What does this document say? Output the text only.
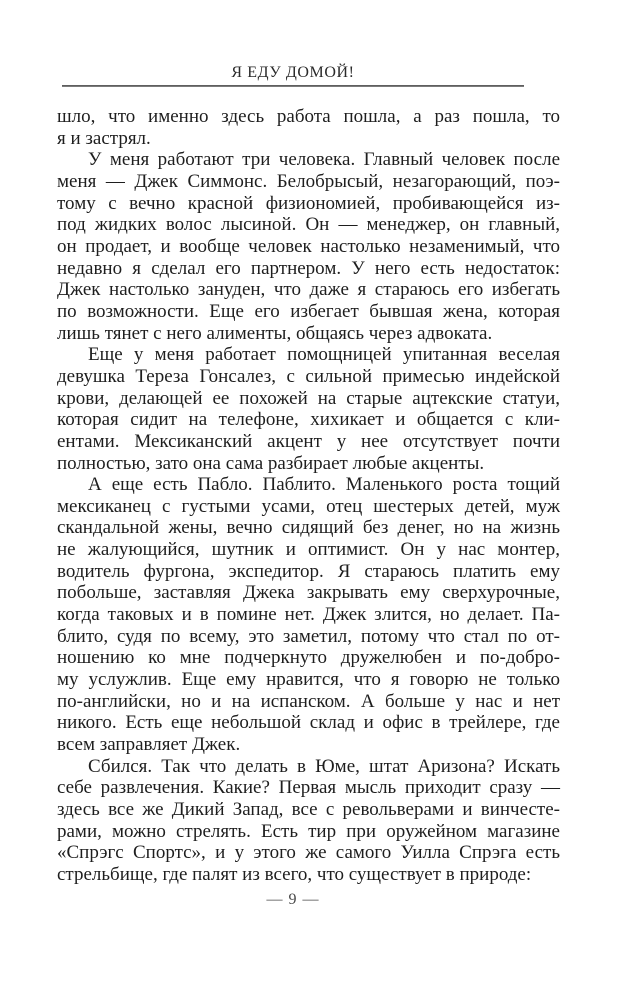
Я ЕДУ ДОМОЙ!
шло, что именно здесь работа пошла, а раз пошла, то
я и застрял.
У меня работают три человека. Главный человек после
меня — Джек Симмонс. Белобрысый, незагорающий, поэ-
тому с вечно красной физиономией, пробивающейся из-
под жидких волос лысиной. Он — менеджер, он главный,
он продает, и вообще человек настолько незаменимый, что
недавно я сделал его партнером. У него есть недостаток:
Джек настолько зануден, что даже я стараюсь его избегать
по возможности. Еще его избегает бывшая жена, которая
лишь тянет с него алименты, общаясь через адвоката.
Еще у меня работает помощницей упитанная веселая
девушка Тереза Гонсалез, с сильной примесью индейской
крови, делающей ее похожей на старые ацтекские статуи,
которая сидит на телефоне, хихикает и общается с кли-
ентами. Мексиканский акцент у нее отсутствует почти
полностью, зато она сама разбирает любые акценты.
А еще есть Пабло. Паблито. Маленького роста тощий
мексиканец с густыми усами, отец шестерых детей, муж
скандальной жены, вечно сидящий без денег, но на жизнь
не жалующийся, шутник и оптимист. Он у нас монтер,
водитель фургона, экспедитор. Я стараюсь платить ему
побольше, заставляя Джека закрывать ему сверхурочные,
когда таковых и в помине нет. Джек злится, но делает. Па-
блито, судя по всему, это заметил, потому что стал по от-
ношению ко мне подчеркнуто дружелюбен и по-добро-
му услужлив. Еще ему нравится, что я говорю не только
по-английски, но и на испанском. А больше у нас и нет
никого. Есть еще небольшой склад и офис в трейлере, где
всем заправляет Джек.
Сбился. Так что делать в Юме, штат Аризона? Искать
себе развлечения. Какие? Первая мысль приходит сразу —
здесь все же Дикий Запад, все с револьверами и винчесте-
рами, можно стрелять. Есть тир при оружейном магазине
«Спрэгс Спортс», и у этого же самого Уилла Спрэга есть
стрельбище, где палят из всего, что существует в природе:
— 9 —
